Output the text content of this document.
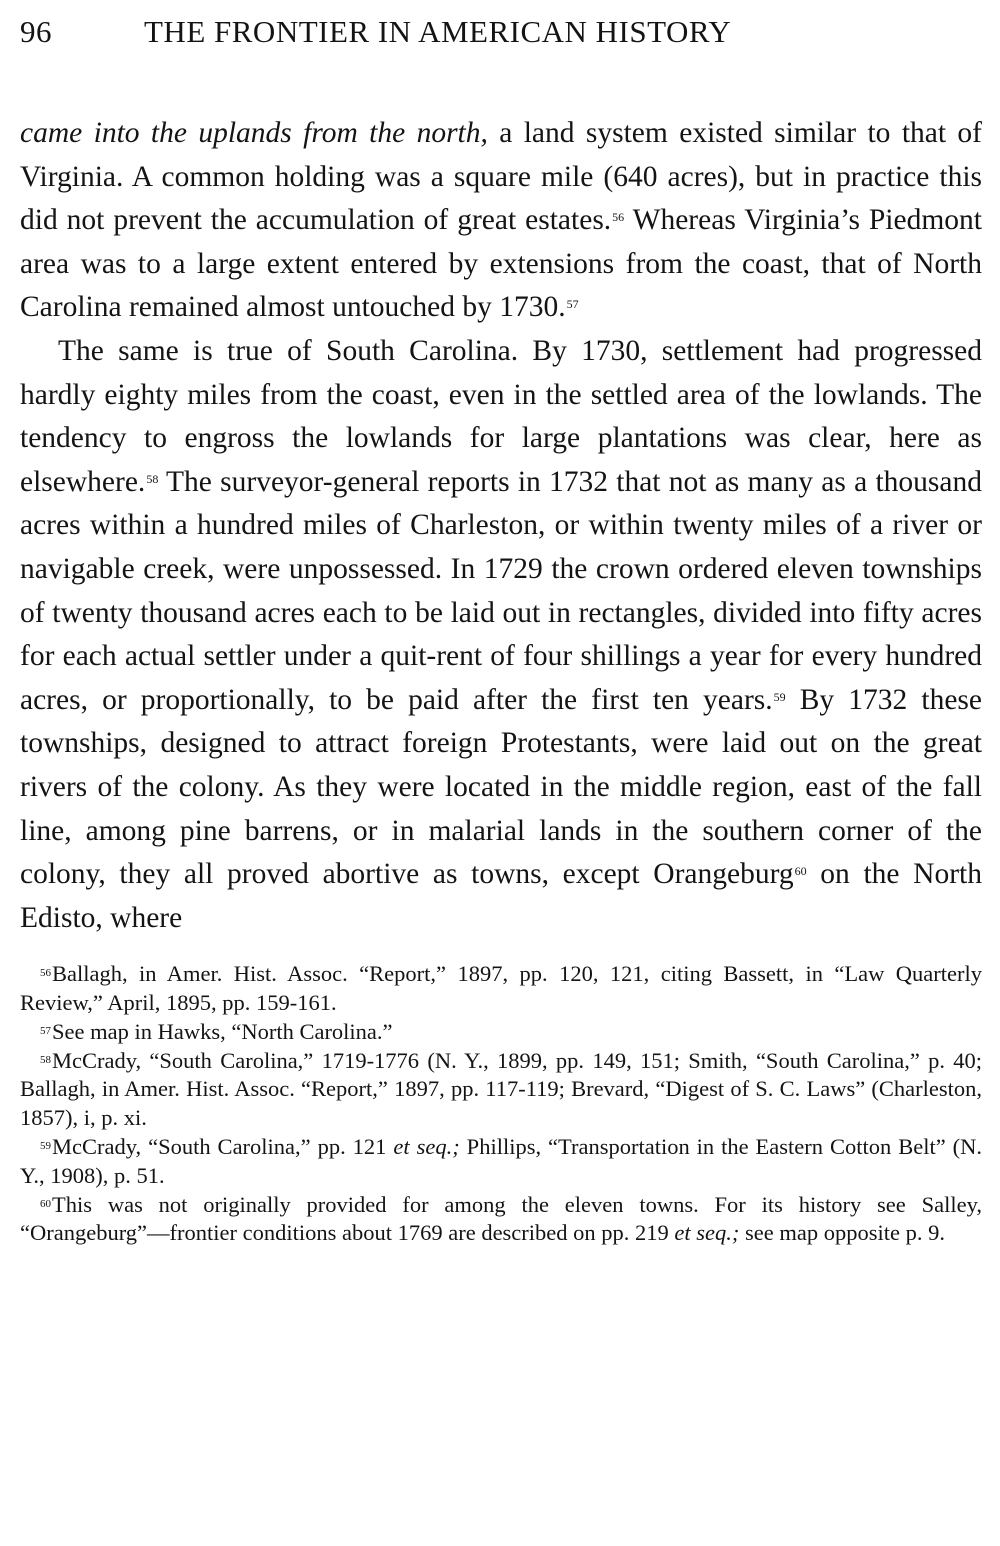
96	THE FRONTIER IN AMERICAN HISTORY

came into the uplands from the north, a land system existed similar to that of Virginia. A common holding was a square mile (640 acres), but in practice this did not prevent the accumulation of great estates.$^{56}$ Whereas Virginia’s Piedmont area was to a large extent entered by extensions from the coast, that of North Carolina remained almost untouched by 1730.57

The same is true of South Carolina. By 1730, settlement had progressed hardly eighty miles from the coast, even in the settled area of the lowlands. The tendency to engross the lowlands for large plantations was clear, here as elsewhere.$^{58}$ The surveyor-general reports in 1732 that not as many as a thousand acres within a hundred miles of Charleston, or within twenty miles of a river or navigable creek, were unpossessed. In 1729 the crown ordered eleven townships of twenty thousand acres each to be laid out in rectangles, divided into fifty acres for each actual settler under a quit-rent of four shillings a year for every hundred acres, or proportionally, to be paid after the first ten years.$^{59}$ By 1732 these townships, designed to attract foreign Protestants, were laid out on the great rivers of the colony. As they were located in the middle region, east of the fall line, among pine barrens, or in malarial lands in the southern corner of the colony, they all proved abortive as towns, except Orangeburg$^{60}$ on the North Edisto, where

$^{56}$Ballagh, in Amer. Hist. Assoc. “Report,” 1897, pp. 120, 121, citing Bassett, in “Law Quarterly Review,” April, 1895, pp. 159-161.

$^{57}$See map in Hawks, “North Carolina.”

$^{58}$McCrady, “South Carolina,” 1719-1776 (N. Y., 1899, pp. 149, 151; Smith, “South Carolina,” p. 40; Ballagh, in Amer. Hist. Assoc. “Report,” 1897, pp. 117-119; Brevard, “Digest of S. C. Laws” (Charleston, 1857), i, p. xi.

$^{59}$McCrady, “South Carolina,” pp. 121 et seq.; Phillips, “Transportation in the Eastern Cotton Belt” (N. Y., 1908), p. 51.

$^{60}$This was not originally provided for among the eleven towns. For its history see Salley, “Orangeburg”—frontier conditions about 1769 are described on pp. 219 et seq.; see map opposite p. 9.
